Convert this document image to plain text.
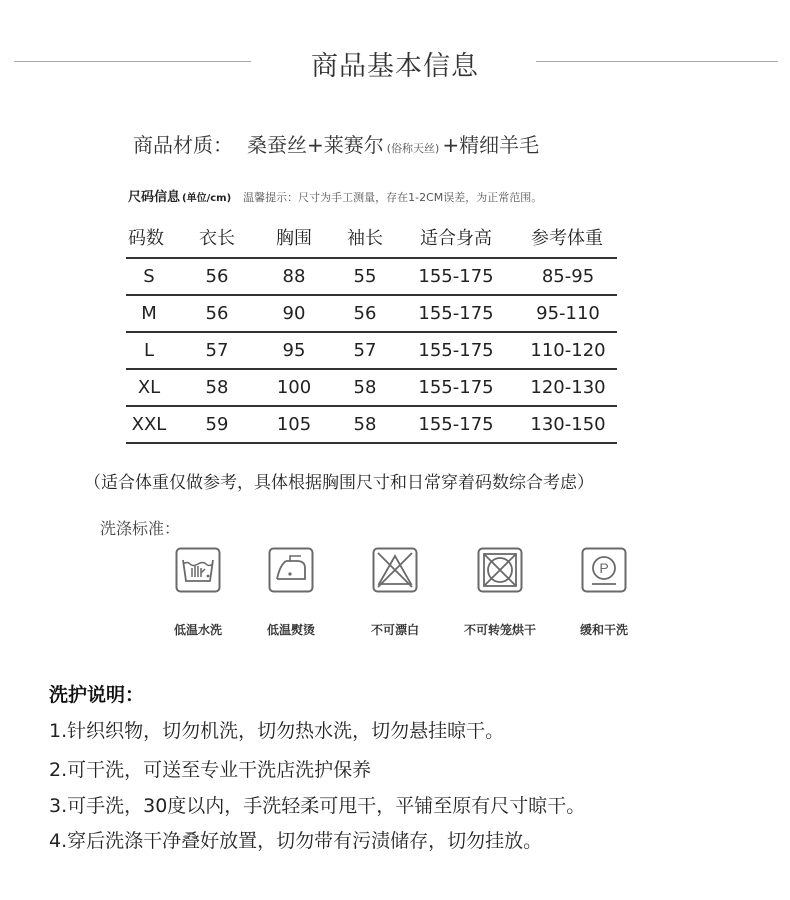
商品基本信息
商品材质： 桑蚕丝+莱赛尔 (俗称天丝) +精细羊毛
尺码信息 (单位/cm) 温馨提示：尺寸为手工测量，存在1-2CM误差，为正常范围。
码数 衣长 胸围 袖长 适合身高 参考体重
S	56	88	55 155-175	85-95
M	56	90	56 155-175 95-110
L	57	95	57 155-175 110-120
XL	58	100 58 155-175 120-130
XXL 59	105 58 155-175 130-150
（适合体重仅做参考，具体根据胸围尺寸和日常穿着码数综合考虑）
洗涤标准：
低温水洗	低温熨烫	不可漂白	不可转笼烘干
P
缓和干洗
洗护说明：
1.针织织物，切勿机洗，切勿热水洗，切勿悬挂晾干。
2.可干洗，可送至专业干洗店洗护保养
3.可手洗，30度以内，手洗轻柔可甩干，平铺至原有尺寸晾干。
4.穿后洗涤干净叠好放置，切勿带有污渍储存，切勿挂放。
